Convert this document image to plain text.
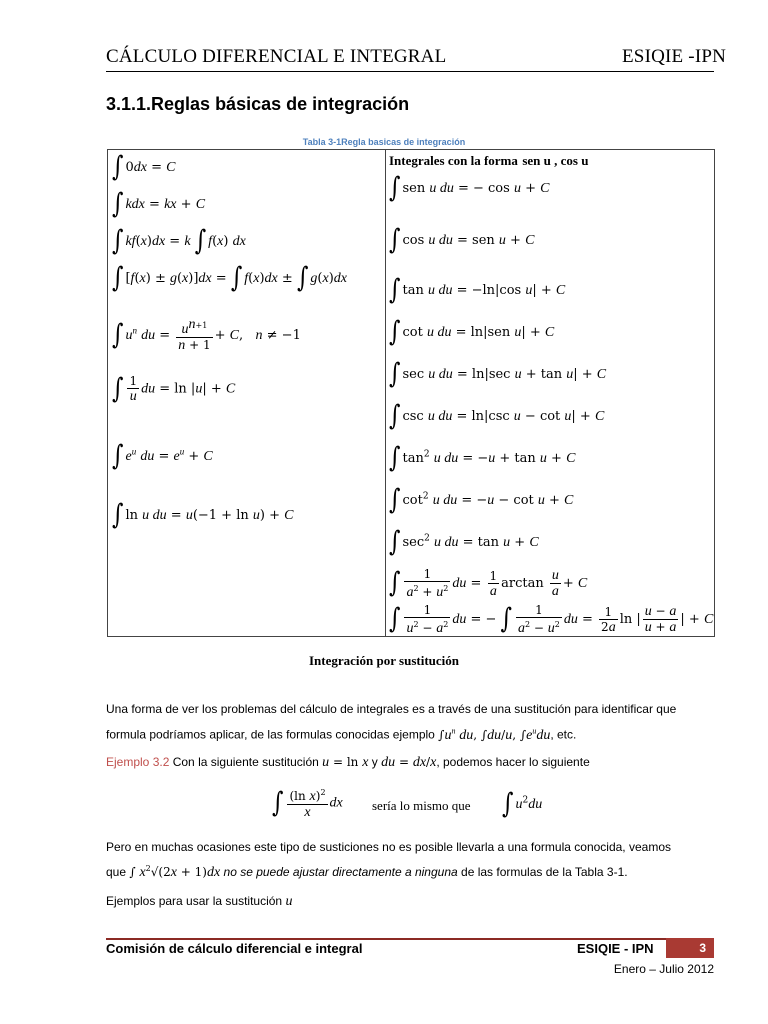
CÁLCULO DIFERENCIAL E INTEGRAL	ESIQIE -IPN
3.1.1.Reglas básicas de integración
Tabla 3-1Regla basicas de integración
∫ 0dx = C
∫ kdx = kx + C
∫ kf(x)dx = k ∫ f(x) dx
∫ [f(x) ± g(x)]dx = ∫ f(x)dx ± ∫ g(x)dx
∫ $u^n$ du = $\frac{u^{n+1}}{n + 1} + C$,   n ≠ −1
∫ $\frac{1}{u}$ du = ln |u| + C
∫ $e^u$ du = $e^u + C$
∫ ln u du = u(−1 + ln u) + C
Integrales con la forma sen u , cos u
∫ sen u du = − cos u + C
∫ cos u du = sen u + C
∫ tan u du = −ln|cos u| + C
∫ cot u du = ln|sen u| + C
∫ sec u du = ln|sec u + tan u| + C
∫ csc u du = ln|csc u − cot u| + C
∫ $\tan^2 u$ du = −u + tan u + C
∫ $\cot^2 u$ du = −u − cot u + C
∫ $\sec^2 u$ du = tan u + C
∫ $\frac{1}{a^2 + u^2}$ du = $\frac{1}{a}$ $\arctan \frac{u}{a} + C$
∫ $\frac{1}{u^2 - a^2}$ du = − ∫ $\frac{1}{a^2 - u^2}$ du = $\frac{1}{2a}$ ln | $\frac{u - a}{u + a}$ | + C
Integración por sustitución
Una forma de ver los problemas del cálculo de integrales es a través de una sustitución para identificar que
formula podríamos aplicar, de las formulas conocidas ejemplo $\int u^n$ du, ∫du/u, $\int e^udu$, etc.
Ejemplo 3.2 Con la siguiente sustitución u = ln x y du = dx/x, podemos hacer lo siguiente
∫ $\frac{(\ln x)^2}{x}$ dx sería lo mismo que ∫ $u^2du$
Pero en muchas ocasiones este tipo de susticiones no es posible llevarla a una formula conocida, veamos
que ∫ $x^2√(2x + 1)dx$ no se puede ajustar directamente a ninguna de las formulas de la Tabla 3-1.
Ejemplos para usar la sustitución u
Comisión de cálculo diferencial e integral	ESIQIE - IPN	3
Enero – Julio 2012
